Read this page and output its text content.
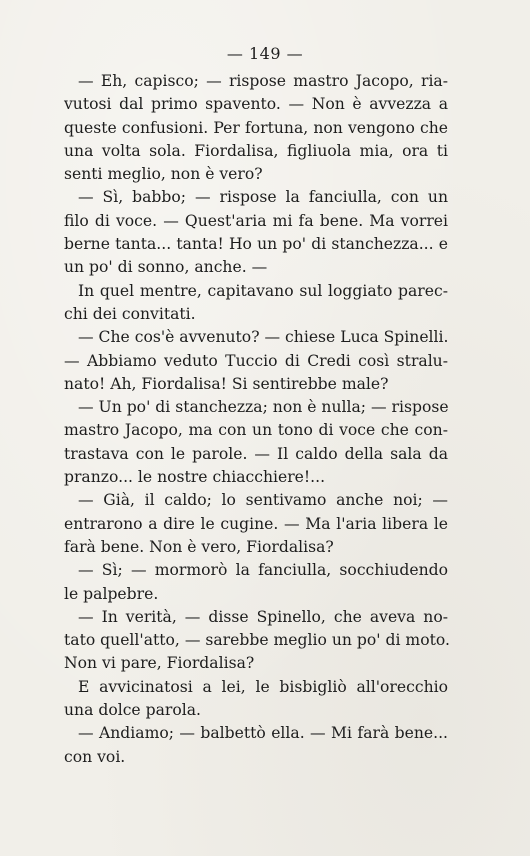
— 149 —
— Eh, capisco; — rispose mastro Jacopo, ria-
vutosi dal primo spavento. — Non è avvezza a
queste confusioni. Per fortuna, non vengono che
una volta sola. Fiordalisa, figliuola mia, ora ti
senti meglio, non è vero?
— Sì, babbo; — rispose la fanciulla, con un
filo di voce. — Quest'aria mi fa bene. Ma vorrei
berne tanta... tanta! Ho un po' di stanchezza... e
un po' di sonno, anche. —
In quel mentre, capitavano sul loggiato parec-
chi dei convitati.
— Che cos'è avvenuto? — chiese Luca Spinelli.
— Abbiamo veduto Tuccio di Credi così stralu-
nato! Ah, Fiordalisa! Si sentirebbe male?
— Un po' di stanchezza; non è nulla; — rispose
mastro Jacopo, ma con un tono di voce che con-
trastava con le parole. — Il caldo della sala da
pranzo... le nostre chiacchiere!...
— Già, il caldo; lo sentivamo anche noi; —
entrarono a dire le cugine. — Ma l'aria libera le
farà bene. Non è vero, Fiordalisa?
— Sì; — mormorò la fanciulla, socchiudendo
le palpebre.
— In verità, — disse Spinello, che aveva no-
tato quell'atto, — sarebbe meglio un po' di moto.
Non vi pare, Fiordalisa?
E avvicinatosi a lei, le bisbigliò all'orecchio
una dolce parola.
— Andiamo; — balbettò ella. — Mi farà bene...
con voi.
